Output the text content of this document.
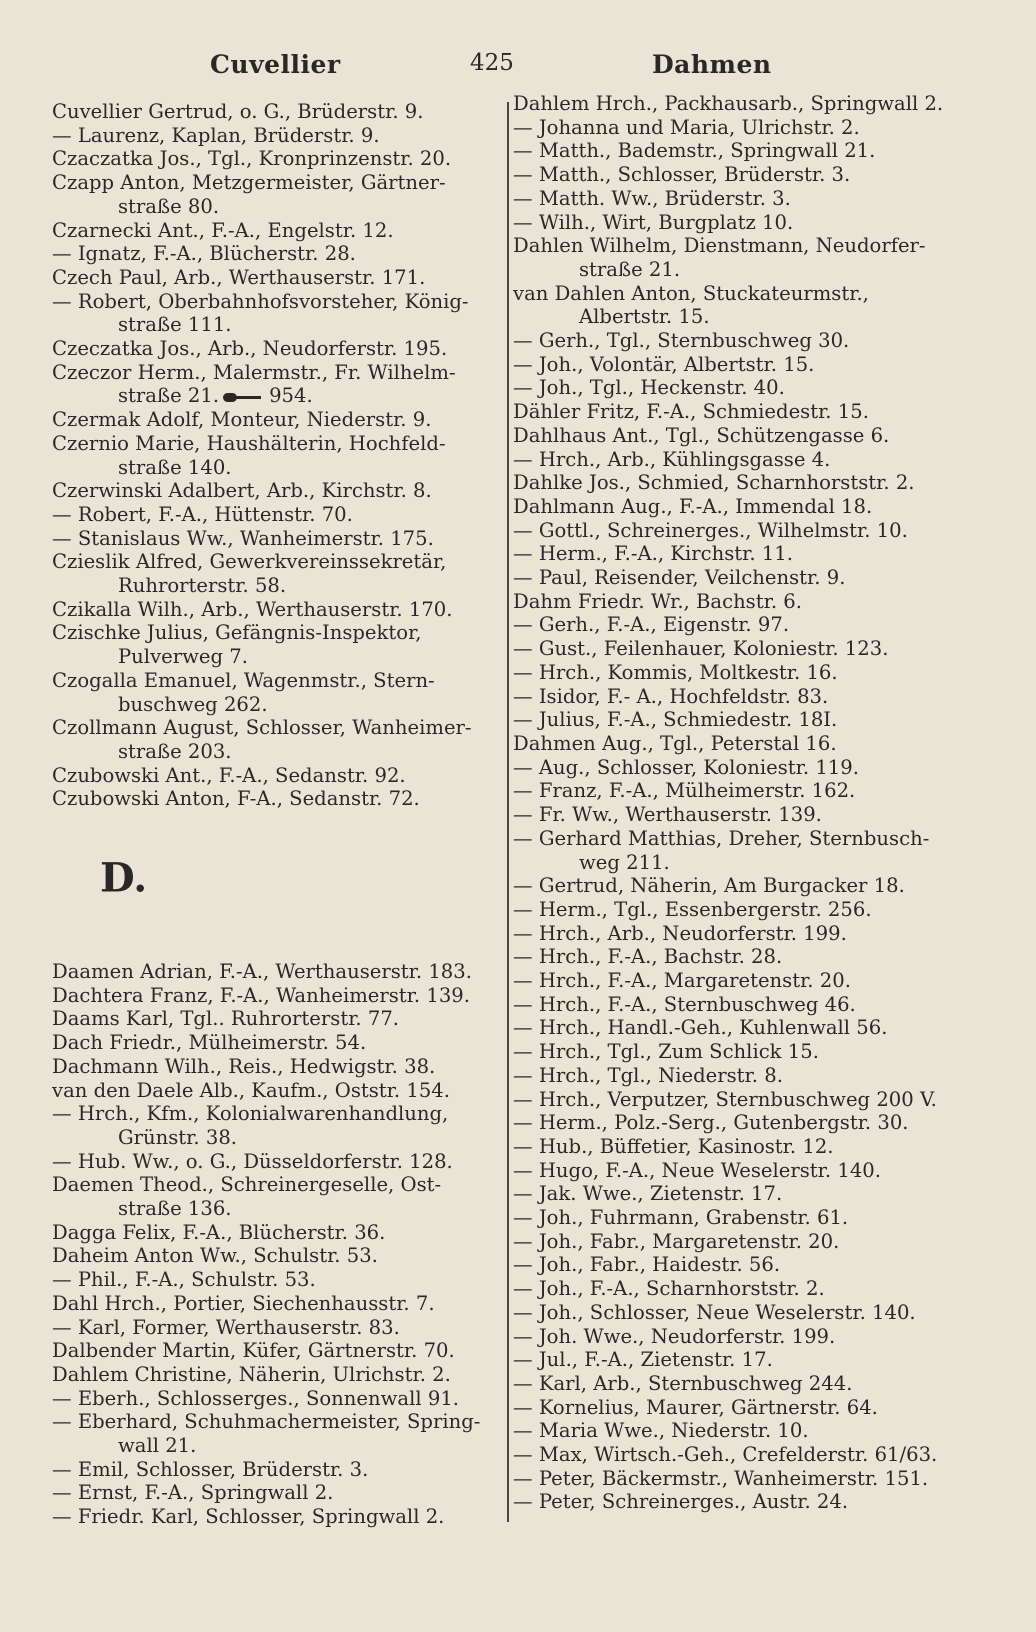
Cuvellier	425	Dahmen
Cuvellier Gertrud, o. G., Brüderstr. 9.
— Laurenz, Kaplan, Brüderstr. 9.
Czaczatka Jos., Tgl., Kronprinzenstr. 20.
Czapp Anton, Metzgermeister, Gärtner-
straße 80.
Czarnecki Ant., F.-A., Engelstr. 12.
— Ignatz, F.-A., Blücherstr. 28.
Czech Paul, Arb., Werthauserstr. 171.
— Robert, Oberbahnhofsvorsteher, König-
straße 111.
Czeczatka Jos., Arb., Neudorferstr. 195.
Czeczor Herm., Malermstr., Fr. Wilhelm-
straße 21.	954.
Czermak Adolf, Monteur, Niederstr. 9.
Czernio Marie, Haushälterin, Hochfeld-
straße 140.
Czerwinski Adalbert, Arb., Kirchstr. 8.
— Robert, F.-A., Hüttenstr. 70.
— Stanislaus Ww., Wanheimerstr. 175.
Czieslik Alfred, Gewerkvereinssekretär,
Ruhrorterstr. 58.
Czikalla Wilh., Arb., Werthauserstr. 170.
Czischke Julius, Gefängnis-Inspektor,
Pulverweg 7.
Czogalla Emanuel, Wagenmstr., Stern-
buschweg 262.
Czollmann August, Schlosser, Wanheimer-
straße 203.
Czubowski Ant., F.-A., Sedanstr. 92.
Czubowski Anton, F-A., Sedanstr. 72.
D.
Daamen Adrian, F.-A., Werthauserstr. 183.
Dachtera Franz, F.-A., Wanheimerstr. 139.
Daams Karl, Tgl.. Ruhrorterstr. 77.
Dach Friedr., Mülheimerstr. 54.
Dachmann Wilh., Reis., Hedwigstr. 38.
van den Daele Alb., Kaufm., Oststr. 154.
— Hrch., Kfm., Kolonialwarenhandlung,
Grünstr. 38.
— Hub. Ww., o. G., Düsseldorferstr. 128.
Daemen Theod., Schreinergeselle, Ost-
straße 136.
Dagga Felix, F.-A., Blücherstr. 36.
Daheim Anton Ww., Schulstr. 53.
— Phil., F.-A., Schulstr. 53.
Dahl Hrch., Portier, Siechenhausstr. 7.
— Karl, Former, Werthauserstr. 83.
Dalbender Martin, Küfer, Gärtnerstr. 70.
Dahlem Christine, Näherin, Ulrichstr. 2.
— Eberh., Schlosserges., Sonnenwall 91.
— Eberhard, Schuhmachermeister, Spring-
wall 21.
— Emil, Schlosser, Brüderstr. 3.
— Ernst, F.-A., Springwall 2.
— Friedr. Karl, Schlosser, Springwall 2.
Dahlem Hrch., Packhausarb., Springwall 2.
— Johanna und Maria, Ulrichstr. 2.
— Matth., Bademstr., Springwall 21.
— Matth., Schlosser, Brüderstr. 3.
— Matth. Ww., Brüderstr. 3.
— Wilh., Wirt, Burgplatz 10.
Dahlen Wilhelm, Dienstmann, Neudorfer-
straße 21.
van Dahlen Anton, Stuckateurmstr.,
Albertstr. 15.
— Gerh., Tgl., Sternbuschweg 30.
— Joh., Volontär, Albertstr. 15.
— Joh., Tgl., Heckenstr. 40.
Dähler Fritz, F.-A., Schmiedestr. 15.
Dahlhaus Ant., Tgl., Schützengasse 6.
— Hrch., Arb., Kühlingsgasse 4.
Dahlke Jos., Schmied, Scharnhorststr. 2.
Dahlmann Aug., F.-A., Immendal 18.
— Gottl., Schreinerges., Wilhelmstr. 10.
— Herm., F.-A., Kirchstr. 11.
— Paul, Reisender, Veilchenstr. 9.
Dahm Friedr. Wr., Bachstr. 6.
— Gerh., F.-A., Eigenstr. 97.
— Gust., Feilenhauer, Koloniestr. 123.
— Hrch., Kommis, Moltkestr. 16.
— Isidor, F.- A., Hochfeldstr. 83.
— Julius, F.-A., Schmiedestr. 18I.
Dahmen Aug., Tgl., Peterstal 16.
— Aug., Schlosser, Koloniestr. 119.
— Franz, F.-A., Mülheimerstr. 162.
— Fr. Ww., Werthauserstr. 139.
— Gerhard Matthias, Dreher, Sternbusch-
weg 211.
— Gertrud, Näherin, Am Burgacker 18.
— Herm., Tgl., Essenbergerstr. 256.
— Hrch., Arb., Neudorferstr. 199.
— Hrch., F.-A., Bachstr. 28.
— Hrch., F.-A., Margaretenstr. 20.
— Hrch., F.-A., Sternbuschweg 46.
— Hrch., Handl.-Geh., Kuhlenwall 56.
— Hrch., Tgl., Zum Schlick 15.
— Hrch., Tgl., Niederstr. 8.
— Hrch., Verputzer, Sternbuschweg 200 V.
— Herm., Polz.-Serg., Gutenbergstr. 30.
— Hub., Büffetier, Kasinostr. 12.
— Hugo, F.-A., Neue Weselerstr. 140.
— Jak. Wwe., Zietenstr. 17.
— Joh., Fuhrmann, Grabenstr. 61.
— Joh., Fabr., Margaretenstr. 20.
— Joh., Fabr., Haidestr. 56.
— Joh., F.-A., Scharnhorststr. 2.
— Joh., Schlosser, Neue Weselerstr. 140.
— Joh. Wwe., Neudorferstr. 199.
— Jul., F.-A., Zietenstr. 17.
— Karl, Arb., Sternbuschweg 244.
— Kornelius, Maurer, Gärtnerstr. 64.
— Maria Wwe., Niederstr. 10.
— Max, Wirtsch.-Geh., Crefelderstr. 61/63.
— Peter, Bäckermstr., Wanheimerstr. 151.
— Peter, Schreinerges., Austr. 24.
